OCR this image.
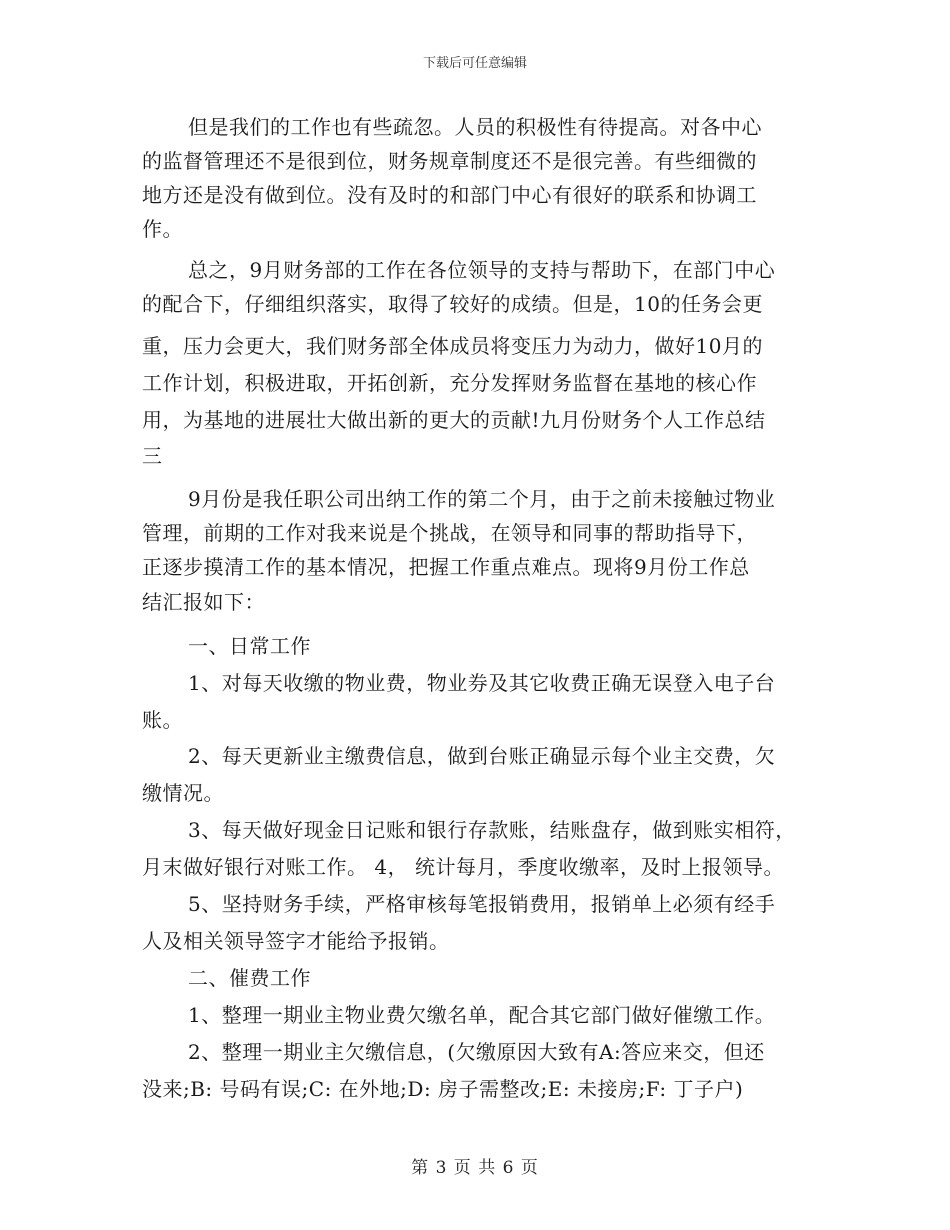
下载后可任意编辑
但是我们的工作也有些疏忽。人员的积极性有待提高。对各中心
的监督管理还不是很到位，财务规章制度还不是很完善。有些细微的
地方还是没有做到位。没有及时的和部门中心有很好的联系和协调工
作。
总之，9月财务部的工作在各位领导的支持与帮助下，在部门中心
的配合下，仔细组织落实，取得了较好的成绩。但是，10的任务会更
重，压力会更大，我们财务部全体成员将变压力为动力，做好10月的
工作计划，积极进取，开拓创新，充分发挥财务监督在基地的核心作
用，为基地的进展壮大做出新的更大的贡献!九月份财务个人工作总结
三
9月份是我任职公司出纳工作的第二个月，由于之前未接触过物业
管理，前期的工作对我来说是个挑战，在领导和同事的帮助指导下，
正逐步摸清工作的基本情况，把握工作重点难点。现将9月份工作总
结汇报如下：
一、日常工作
1、对每天收缴的物业费，物业券及其它收费正确无误登入电子台
账。
2、每天更新业主缴费信息，做到台账正确显示每个业主交费，欠
缴情况。
3、每天做好现金日记账和银行存款账，结账盘存，做到账实相符，
月末做好银行对账工作。 4， 统计每月，季度收缴率，及时上报领导。
5、坚持财务手续，严格审核每笔报销费用，报销单上必须有经手
人及相关领导签字才能给予报销。
二、催费工作
1、整理一期业主物业费欠缴名单，配合其它部门做好催缴工作。
2、整理一期业主欠缴信息，(欠缴原因大致有A:答应来交，但还
没来;B: 号码有误;C: 在外地;D: 房子需整改;E: 未接房;F: 丁子户)
第 3 页 共 6 页
